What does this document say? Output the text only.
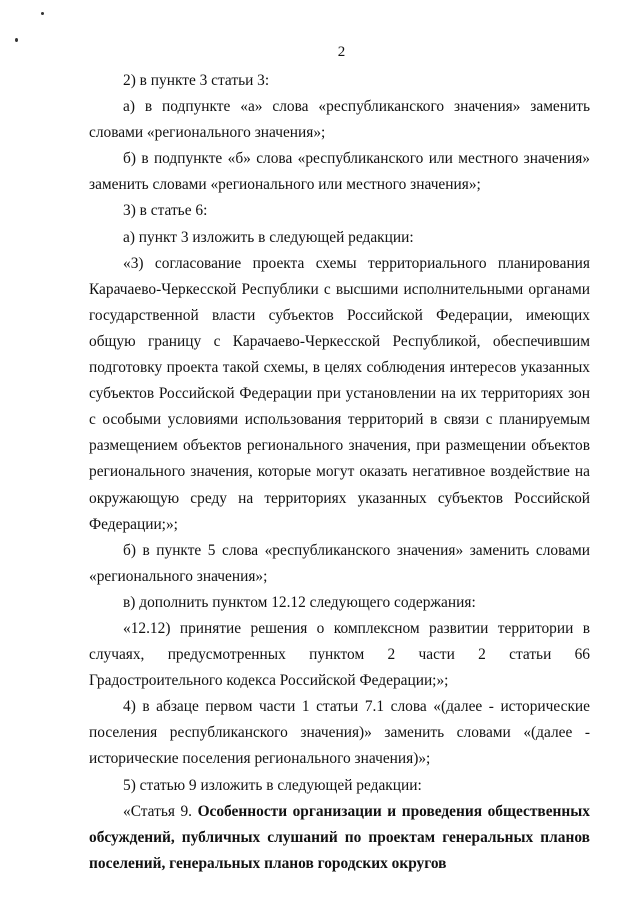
2

2) в пункте 3 статьи 3:

а) в подпункте «а» слова «республиканского значения» заменить словами «регионального значения»;

б) в подпункте «б» слова «республиканского или местного значения» заменить словами «регионального или местного значения»;

3) в статье 6:

а) пункт 3 изложить в следующей редакции:

«3) согласование проекта схемы территориального планирования Карачаево-Черкесской Республики с высшими исполнительными органами государственной власти субъектов Российской Федерации, имеющих общую границу с Карачаево-Черкесской Республикой, обеспечившим подготовку проекта такой схемы, в целях соблюдения интересов указанных субъектов Российской Федерации при установлении на их территориях зон с особыми условиями использования территорий в связи с планируемым размещением объектов регионального значения, при размещении объектов регионального значения, которые могут оказать негативное воздействие на окружающую среду на территориях указанных субъектов Российской Федерации;»;

б) в пункте 5 слова «республиканского значения» заменить словами «регионального значения»;

в) дополнить пунктом 12.12 следующего содержания:

«12.12) принятие решения о комплексном развитии территории в случаях, предусмотренных пунктом 2 части 2 статьи 66 Градостроительного кодекса Российской Федерации;»;

4) в абзаце первом части 1 статьи 7.1 слова «(далее - исторические поселения республиканского значения)» заменить словами «(далее - исторические поселения регионального значения)»;

5) статью 9 изложить в следующей редакции:

«Статья 9. Особенности организации и проведения общественных обсуждений, публичных слушаний по проектам генеральных планов поселений, генеральных планов городских округов
